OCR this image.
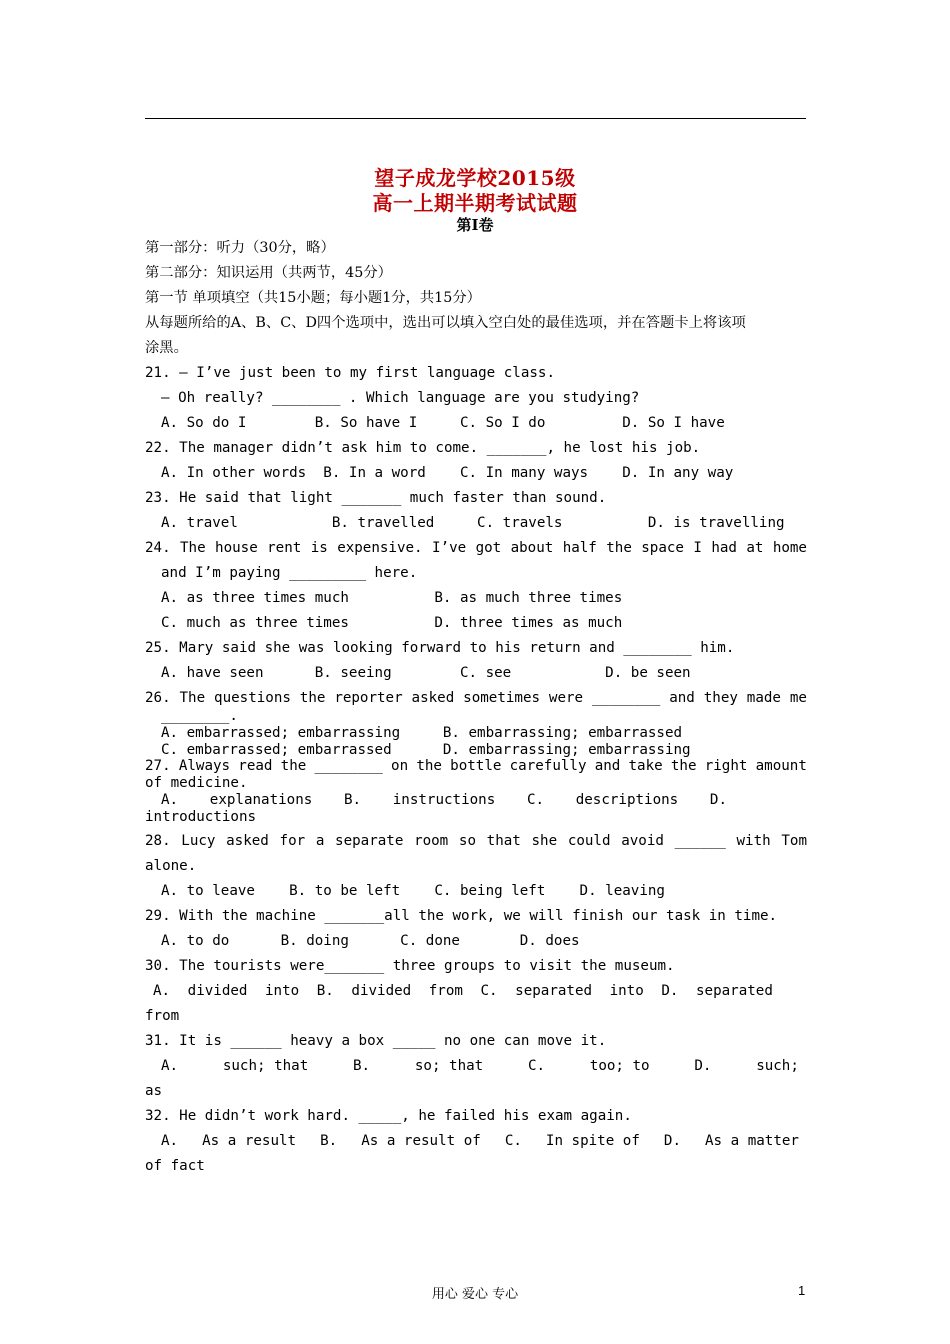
望子成龙学校2015级
高一上期半期考试试题
第Ⅰ卷
第一部分：听力（30分，略）
第二部分：知识运用（共两节，45分）
第一节 单项填空（共15小题；每小题1分，共15分）
从每题所给的A、B、C、D四个选项中，选出可以填入空白处的最佳选项，并在答题卡上将该项
涂黑。
21. — I’ve just been to my first language class.
— Oh really? ________ . Which language are you studying?
A. So do I        B. So have I     C. So I do         D. So I have
22. The manager didn’t ask him to come. _______, he lost his job.
A. In other words  B. In a word    C. In many ways    D. In any way
23. He said that light _______ much faster than sound.
A. travel           B. travelled     C. travels          D. is travelling
24. The house rent is expensive. I’ve got about half the space I had at home
and I’m paying _________ here.
A. as three times much          B. as much three times
C. much as three times          D. three times as much
25. Mary said she was looking forward to his return and ________ him.
A. have seen      B. seeing        C. see           D. be seen
26. The questions the reporter asked sometimes were ________ and they made me
________.
A. embarrassed; embarrassing     B. embarrassing; embarrassed
C. embarrassed; embarrassed      D. embarrassing; embarrassing
27. Always read the ________ on the bottle carefully and take the right amount
of medicine.
A. explanations B. instructions C. descriptions D.
introductions
28. Lucy asked for a separate room so that she could avoid ______ with Tom
alone.
A. to leave    B. to be left    C. being left    D. leaving
29. With the machine _______all the work, we will finish our task in time.
A. to do      B. doing      C. done       D. does
30. The tourists were_______ three groups to visit the museum.
A. divided into B. divided from C. separated into D. separated
from
31. It is ______ heavy a box _____ no one can move it.
A.	such; that	B.	so; that	C.	too; to	D.	such;
as
32. He didn’t work hard. _____, he failed his exam again.
A. As a result B. As a result of C. In spite of D. As a matter
of fact
用心 爱心 专心	1
